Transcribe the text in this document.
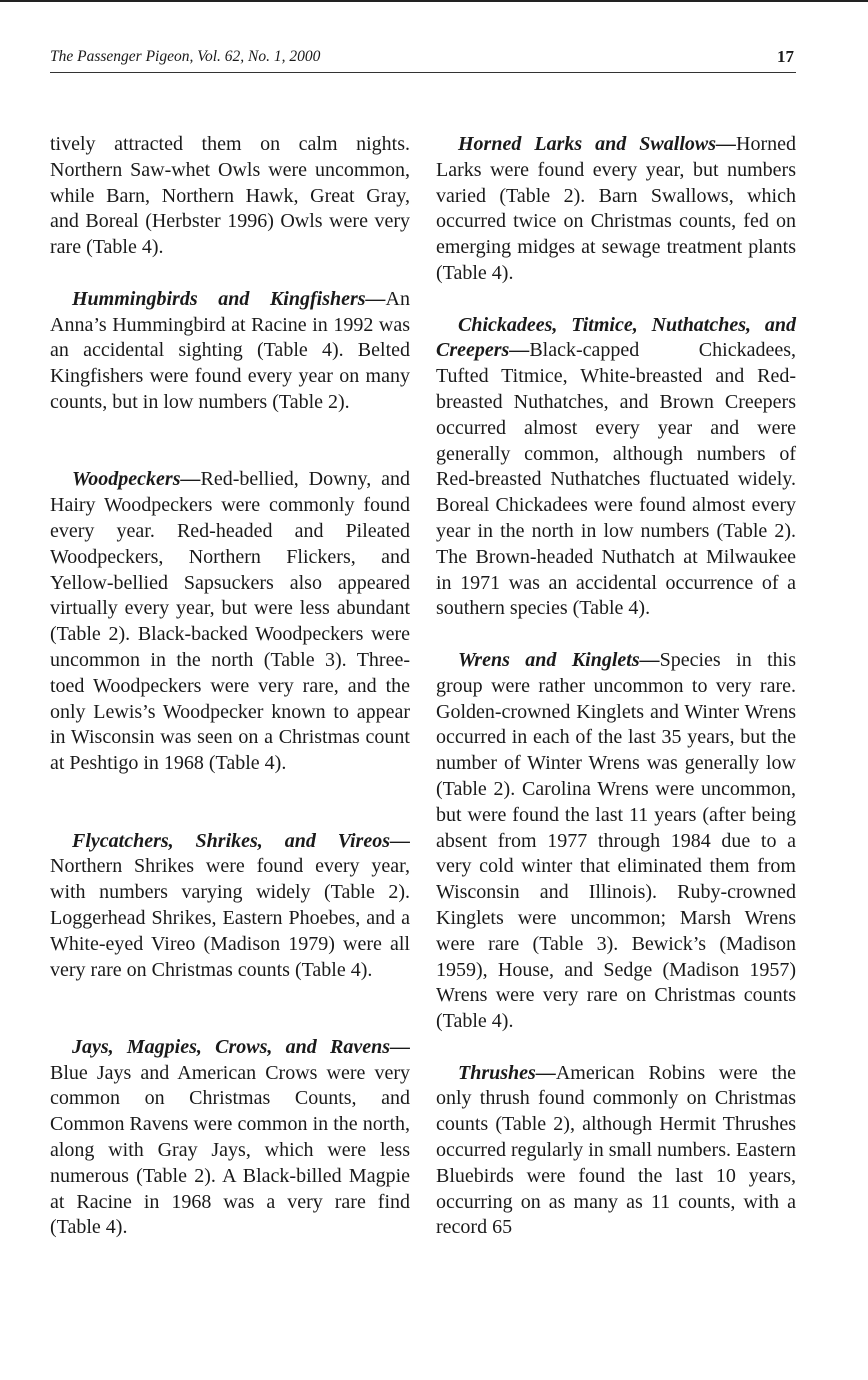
The Passenger Pigeon, Vol. 62, No. 1, 2000	17

tively attracted them on calm nights. Northern Saw-whet Owls were uncommon, while Barn, Northern Hawk, Great Gray, and Boreal (Herbster 1996) Owls were very rare (Table 4).

Hummingbirds and Kingfishers—An Anna’s Hummingbird at Racine in 1992 was an accidental sighting (Table 4). Belted Kingfishers were found every year on many counts, but in low numbers (Table 2).

Woodpeckers—Red-bellied, Downy, and Hairy Woodpeckers were commonly found every year. Red-headed and Pileated Woodpeckers, Northern Flickers, and Yellow-bellied Sapsuckers also appeared virtually every year, but were less abundant (Table 2). Black-backed Woodpeckers were uncommon in the north (Table 3). Three-toed Woodpeckers were very rare, and the only Lewis’s Woodpecker known to appear in Wisconsin was seen on a Christmas count at Peshtigo in 1968 (Table 4).

Flycatchers, Shrikes, and Vireos—Northern Shrikes were found every year, with numbers varying widely (Table 2). Loggerhead Shrikes, Eastern Phoebes, and a White-eyed Vireo (Madison 1979) were all very rare on Christmas counts (Table 4).

Jays, Magpies, Crows, and Ravens—Blue Jays and American Crows were very common on Christmas Counts, and Common Ravens were common in the north, along with Gray Jays, which were less numerous (Table 2). A Black-billed Magpie at Racine in 1968 was a very rare find (Table 4).

Horned Larks and Swallows—Horned Larks were found every year, but numbers varied (Table 2). Barn Swallows, which occurred twice on Christmas counts, fed on emerging midges at sewage treatment plants (Table 4).

Chickadees, Titmice, Nuthatches, and Creepers—Black-capped Chickadees, Tufted Titmice, White-breasted and Red-breasted Nuthatches, and Brown Creepers occurred almost every year and were generally common, although numbers of Red-breasted Nuthatches fluctuated widely. Boreal Chickadees were found almost every year in the north in low numbers (Table 2). The Brown-headed Nuthatch at Milwaukee in 1971 was an accidental occurrence of a southern species (Table 4).

Wrens and Kinglets—Species in this group were rather uncommon to very rare. Golden-crowned Kinglets and Winter Wrens occurred in each of the last 35 years, but the number of Winter Wrens was generally low (Table 2). Carolina Wrens were uncommon, but were found the last 11 years (after being absent from 1977 through 1984 due to a very cold winter that eliminated them from Wisconsin and Illinois). Ruby-crowned Kinglets were uncommon; Marsh Wrens were rare (Table 3). Bewick’s (Madison 1959), House, and Sedge (Madison 1957) Wrens were very rare on Christmas counts (Table 4).

Thrushes—American Robins were the only thrush found commonly on Christmas counts (Table 2), although Hermit Thrushes occurred regularly in small numbers. Eastern Bluebirds were found the last 10 years, occurring on as many as 11 counts, with a record 65
